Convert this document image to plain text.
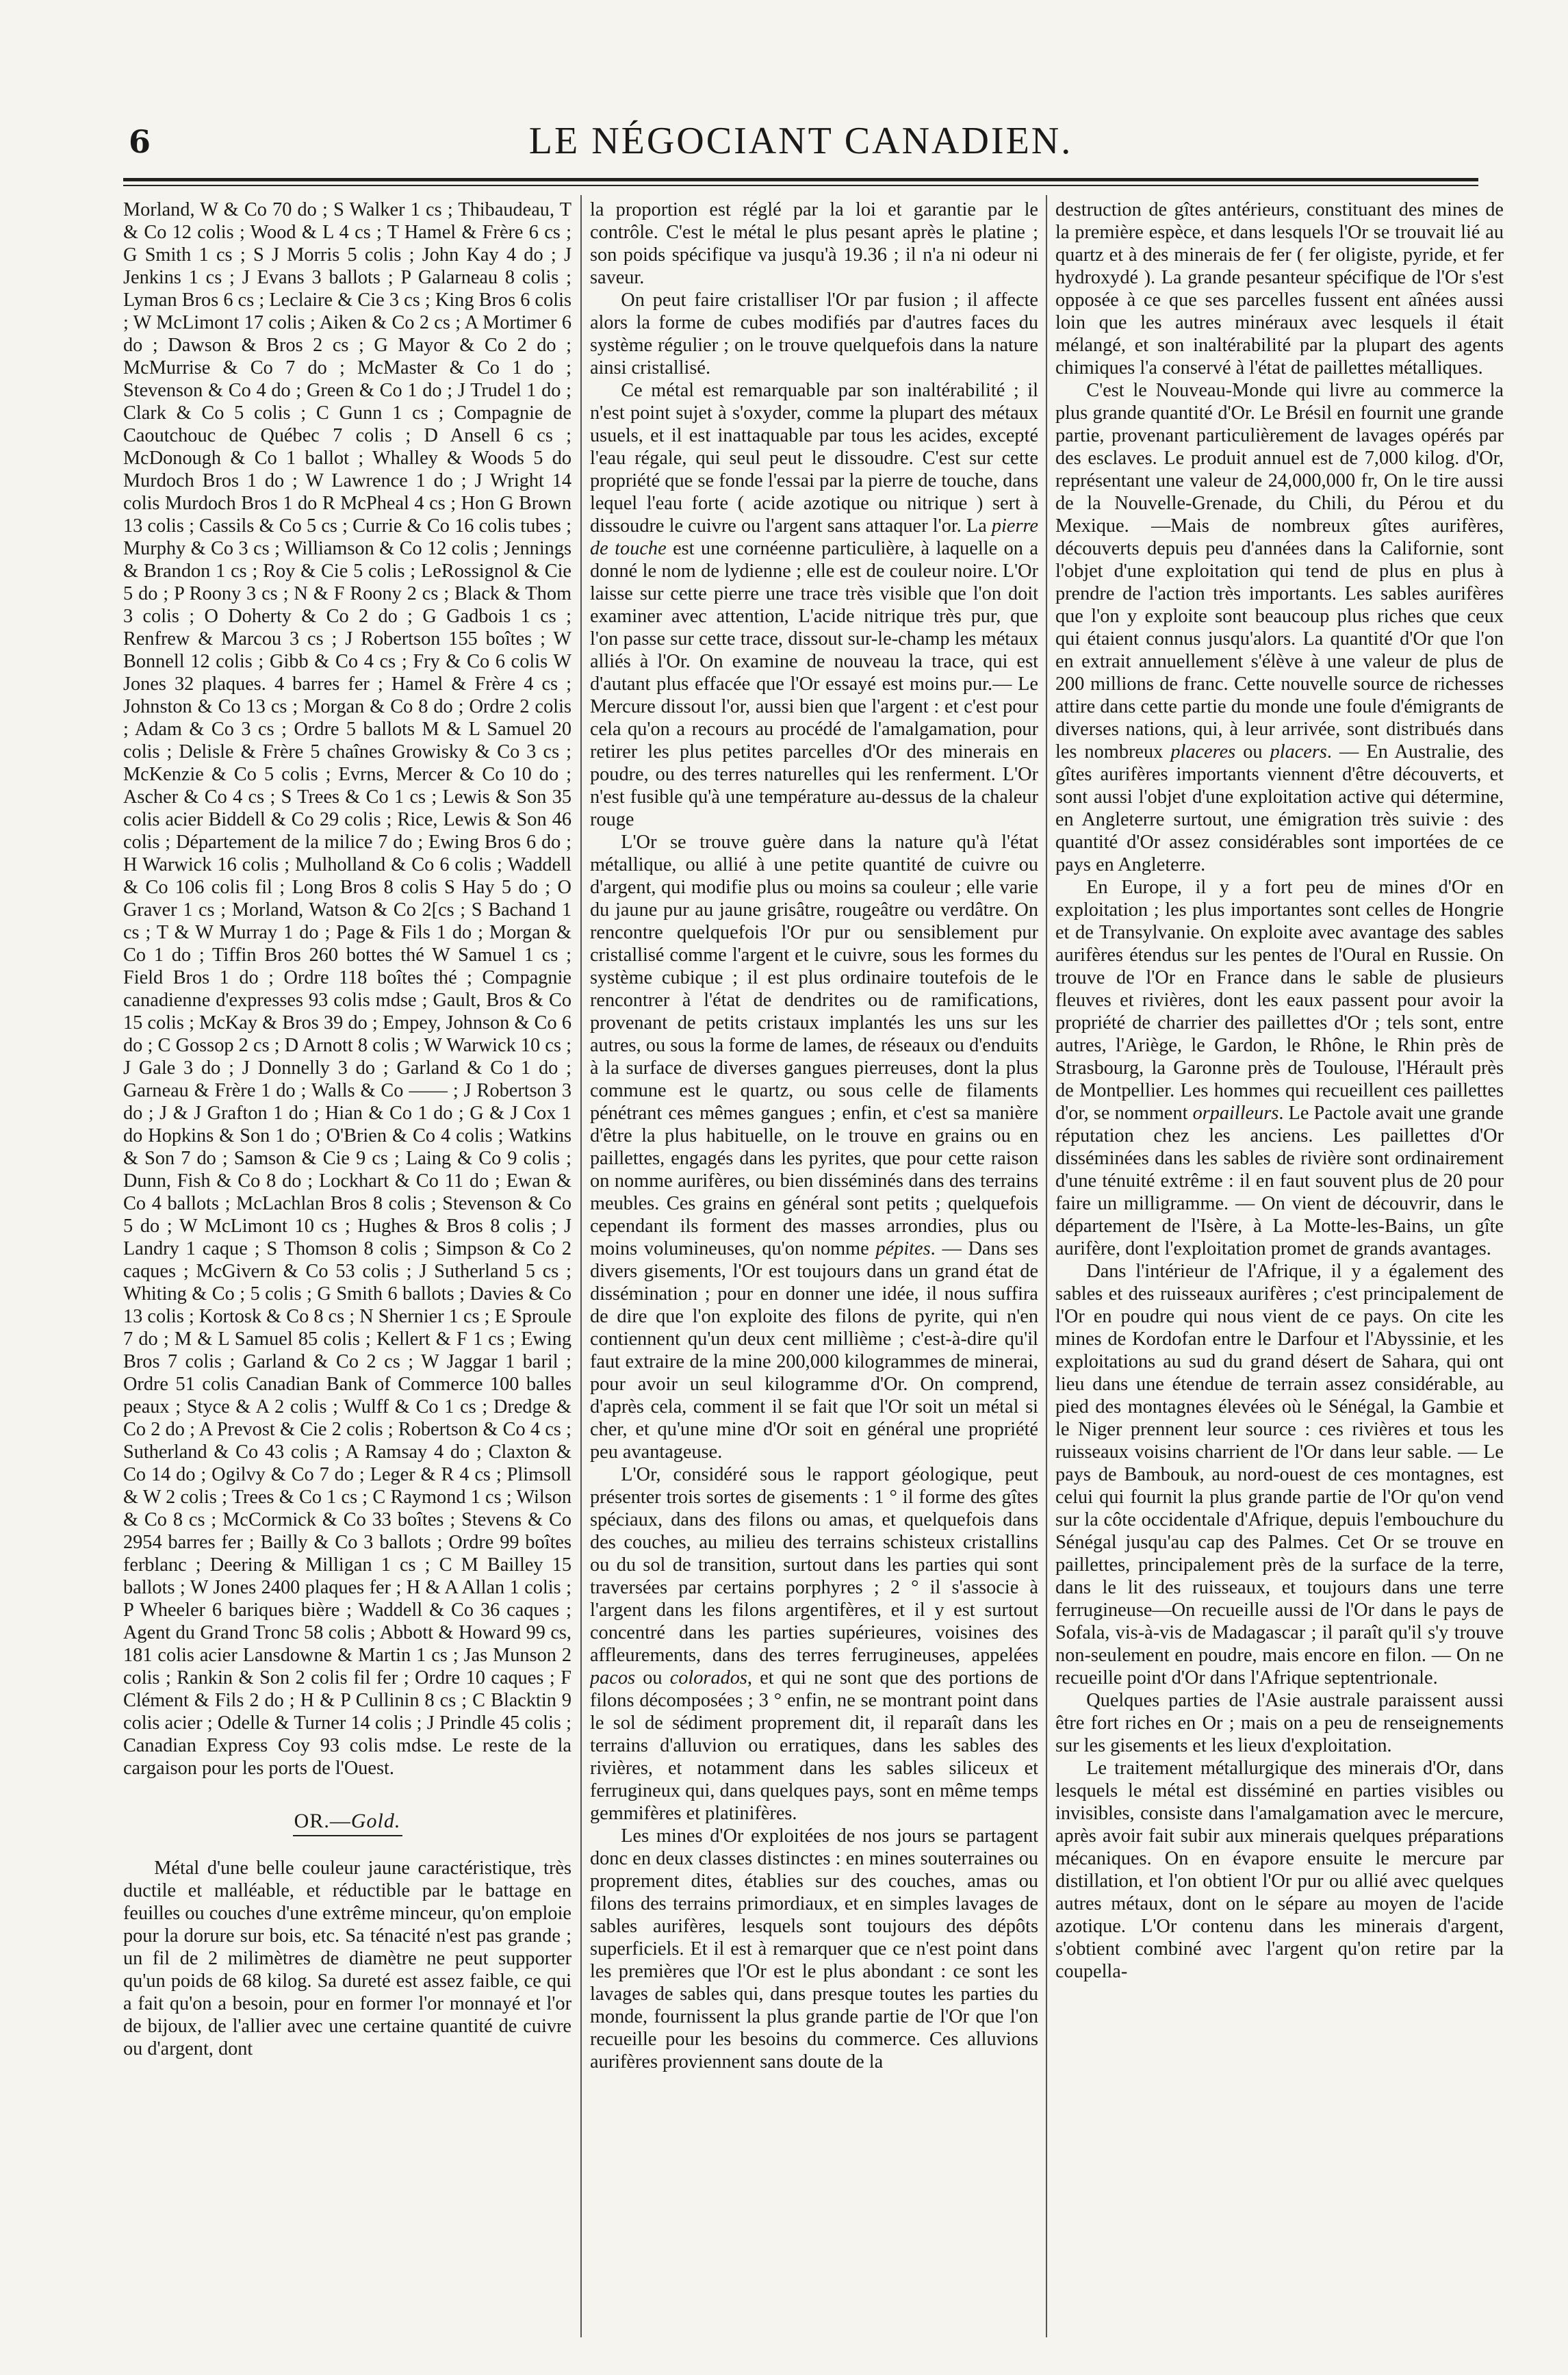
6	LE NÉGOCIANT CANADIEN.

Morland, W & Co 70 do ; S Walker 1 cs ; Thibaudeau, T & Co 12 colis ; Wood & L 4 cs ; T Hamel & Frère 6 cs ; G Smith 1 cs ; S J Morris 5 colis ; John Kay 4 do ; J Jenkins 1 cs ; J Evans 3 ballots ; P Galarneau 8 colis ; Lyman Bros 6 cs ; Leclaire & Cie 3 cs ; King Bros 6 colis ; W McLimont 17 colis ; Aiken & Co 2 cs ; A Mortimer 6 do ; Dawson & Bros 2 cs ; G Mayor & Co 2 do ; McMurrise & Co 7 do ; McMaster & Co 1 do ; Stevenson & Co 4 do ; Green & Co 1 do ; J Trudel 1 do ; Clark & Co 5 colis ; C Gunn 1 cs ; Compagnie de Caoutchouc de Québec 7 colis ; D Ansell 6 cs ; McDonough & Co 1 ballot ; Whalley & Woods 5 do Murdoch Bros 1 do ; W Lawrence 1 do ; J Wright 14 colis Murdoch Bros 1 do R McPheal 4 cs ; Hon G Brown 13 colis ; Cassils & Co 5 cs ; Currie & Co 16 colis tubes ; Murphy & Co 3 cs ; Williamson & Co 12 colis ; Jennings & Brandon 1 cs ; Roy & Cie 5 colis ; LeRossignol & Cie 5 do ; P Roony 3 cs ; N & F Roony 2 cs ; Black & Thom 3 colis ; O Doherty & Co 2 do ; G Gadbois 1 cs ; Renfrew & Marcou 3 cs ; J Robertson 155 boîtes ; W Bonnell 12 colis ; Gibb & Co 4 cs ; Fry & Co 6 colis W Jones 32 plaques. 4 barres fer ; Hamel & Frère 4 cs ; Johnston & Co 13 cs ; Morgan & Co 8 do ; Ordre 2 colis ; Adam & Co 3 cs ; Ordre 5 ballots M & L Samuel 20 colis ; Delisle & Frère 5 chaînes Growisky & Co 3 cs ; McKenzie & Co 5 colis ; Evrns, Mercer & Co 10 do ; Ascher & Co 4 cs ; S Trees & Co 1 cs ; Lewis & Son 35 colis acier Biddell & Co 29 colis ; Rice, Lewis & Son 46 colis ; Département de la milice 7 do ; Ewing Bros 6 do ; H Warwick 16 colis ; Mulholland & Co 6 colis ; Waddell & Co 106 colis fil ; Long Bros 8 colis S Hay 5 do ; O Graver 1 cs ; Morland, Watson & Co 2[cs ; S Bachand 1 cs ; T & W Murray 1 do ; Page & Fils 1 do ; Morgan & Co 1 do ; Tiffin Bros 260 bottes thé W Samuel 1 cs ; Field Bros 1 do ; Ordre 118 boîtes thé ; Compagnie canadienne d'expresses 93 colis mdse ; Gault, Bros & Co 15 colis ; McKay & Bros 39 do ; Empey, Johnson & Co 6 do ; C Gossop 2 cs ; D Arnott 8 colis ; W Warwick 10 cs ; J Gale 3 do ; J Donnelly 3 do ; Garland & Co 1 do ; Garneau & Frère 1 do ; Walls & Co —— ; J Robertson 3 do ; J & J Grafton 1 do ; Hian & Co 1 do ; G & J Cox 1 do Hopkins & Son 1 do ; O'Brien & Co 4 colis ; Watkins & Son 7 do ; Samson & Cie 9 cs ; Laing & Co 9 colis ; Dunn, Fish & Co 8 do ; Lockhart & Co 11 do ; Ewan & Co 4 ballots ; McLachlan Bros 8 colis ; Stevenson & Co 5 do ; W McLimont 10 cs ; Hughes & Bros 8 colis ; J Landry 1 caque ; S Thomson 8 colis ; Simpson & Co 2 caques ; McGivern & Co 53 colis ; J Sutherland 5 cs ; Whiting & Co ; 5 colis ; G Smith 6 ballots ; Davies & Co 13 colis ; Kortosk & Co 8 cs ; N Shernier 1 cs ; E Sproule 7 do ; M & L Samuel 85 colis ; Kellert & F 1 cs ; Ewing Bros 7 colis ; Garland & Co 2 cs ; W Jaggar 1 baril ; Ordre 51 colis Canadian Bank of Commerce 100 balles peaux ; Styce & A 2 colis ; Wulff & Co 1 cs ; Dredge & Co 2 do ; A Prevost & Cie 2 colis ; Robertson & Co 4 cs ; Sutherland & Co 43 colis ; A Ramsay 4 do ; Claxton & Co 14 do ; Ogilvy & Co 7 do ; Leger & R 4 cs ; Plimsoll & W 2 colis ; Trees & Co 1 cs ; C Raymond 1 cs ; Wilson & Co 8 cs ; McCormick & Co 33 boîtes ; Stevens & Co 2954 barres fer ; Bailly & Co 3 ballots ; Ordre 99 boîtes ferblanc ; Deering & Milligan 1 cs ; C M Bailley 15 ballots ; W Jones 2400 plaques fer ; H & A Allan 1 colis ; P Wheeler 6 bariques bière ; Waddell & Co 36 caques ; Agent du Grand Tronc 58 colis ; Abbott & Howard 99 cs, 181 colis acier Lansdowne & Martin 1 cs ; Jas Munson 2 colis ; Rankin & Son 2 colis fil fer ; Ordre 10 caques ; F Clément & Fils 2 do ; H & P Cullinin 8 cs ; C Blacktin 9 colis acier ; Odelle & Turner 14 colis ; J Prindle 45 colis ; Canadian Express Coy 93 colis mdse. Le reste de la cargaison pour les ports de l'Ouest.

OR.—Gold.

Métal d'une belle couleur jaune caractéristique, très ductile et malléable, et réductible par le battage en feuilles ou couches d'une extrême minceur, qu'on emploie pour la dorure sur bois, etc. Sa ténacité n'est pas grande ; un fil de 2 milimètres de diamètre ne peut supporter qu'un poids de 68 kilog. Sa dureté est assez faible, ce qui a fait qu'on a besoin, pour en former l'or monnayé et l'or de bijoux, de l'allier avec une certaine quantité de cuivre ou d'argent, dont

la proportion est réglé par la loi et garantie par le contrôle. C'est le métal le plus pesant après le platine ; son poids spécifique va jusqu'à 19.36 ; il n'a ni odeur ni saveur.

On peut faire cristalliser l'Or par fusion ; il affecte alors la forme de cubes modifiés par d'autres faces du système régulier ; on le trouve quelquefois dans la nature ainsi cristallisé.

Ce métal est remarquable par son inaltérabilité ; il n'est point sujet à s'oxyder, comme la plupart des métaux usuels, et il est inattaquable par tous les acides, excepté l'eau régale, qui seul peut le dissoudre. C'est sur cette propriété que se fonde l'essai par la pierre de touche, dans lequel l'eau forte ( acide azotique ou nitrique ) sert à dissoudre le cuivre ou l'argent sans attaquer l'or. La pierre de touche est une cornéenne particulière, à laquelle on a donné le nom de lydienne ; elle est de couleur noire. L'Or laisse sur cette pierre une trace très visible que l'on doit examiner avec attention, L'acide nitrique très pur, que l'on passe sur cette trace, dissout sur-le-champ les métaux alliés à l'Or. On examine de nouveau la trace, qui est d'autant plus effacée que l'Or essayé est moins pur.— Le Mercure dissout l'or, aussi bien que l'argent : et c'est pour cela qu'on a recours au procédé de l'amalgamation, pour retirer les plus petites parcelles d'Or des minerais en poudre, ou des terres naturelles qui les renferment. L'Or n'est fusible qu'à une température au-dessus de la chaleur rouge

L'Or se trouve guère dans la nature qu'à l'état métallique, ou allié à une petite quantité de cuivre ou d'argent, qui modifie plus ou moins sa couleur ; elle varie du jaune pur au jaune grisâtre, rougeâtre ou verdâtre. On rencontre quelquefois l'Or pur ou sensiblement pur cristallisé comme l'argent et le cuivre, sous les formes du système cubique ; il est plus ordinaire toutefois de le rencontrer à l'état de dendrites ou de ramifications, provenant de petits cristaux implantés les uns sur les autres, ou sous la forme de lames, de réseaux ou d'enduits à la surface de diverses gangues pierreuses, dont la plus commune est le quartz, ou sous celle de filaments pénétrant ces mêmes gangues ; enfin, et c'est sa manière d'être la plus habituelle, on le trouve en grains ou en paillettes, engagés dans les pyrites, que pour cette raison on nomme aurifères, ou bien disséminés dans des terrains meubles. Ces grains en général sont petits ; quelquefois cependant ils forment des masses arrondies, plus ou moins volumineuses, qu'on nomme pépites. — Dans ses divers gisements, l'Or est toujours dans un grand état de dissémination ; pour en donner une idée, il nous suffira de dire que l'on exploite des filons de pyrite, qui n'en contiennent qu'un deux cent millième ; c'est-à-dire qu'il faut extraire de la mine 200,000 kilogrammes de minerai, pour avoir un seul kilogramme d'Or. On comprend, d'après cela, comment il se fait que l'Or soit un métal si cher, et qu'une mine d'Or soit en général une propriété peu avantageuse.

L'Or, considéré sous le rapport géologique, peut présenter trois sortes de gisements : 1 ° il forme des gîtes spéciaux, dans des filons ou amas, et quelquefois dans des couches, au milieu des terrains schisteux cristallins ou du sol de transition, surtout dans les parties qui sont traversées par certains porphyres ; 2 ° il s'associe à l'argent dans les filons argentifères, et il y est surtout concentré dans les parties supérieures, voisines des affleurements, dans des terres ferrugineuses, appelées pacos ou colorados, et qui ne sont que des portions de filons décomposées ; 3 ° enfin, ne se montrant point dans le sol de sédiment proprement dit, il reparaît dans les terrains d'alluvion ou erratiques, dans les sables des rivières, et notamment dans les sables siliceux et ferrugineux qui, dans quelques pays, sont en même temps gemmifères et platinifères.

Les mines d'Or exploitées de nos jours se partagent donc en deux classes distinctes : en mines souterraines ou proprement dites, établies sur des couches, amas ou filons des terrains primordiaux, et en simples lavages de sables aurifères, lesquels sont toujours des dépôts superficiels. Et il est à remarquer que ce n'est point dans les premières que l'Or est le plus abondant : ce sont les lavages de sables qui, dans presque toutes les parties du monde, fournissent la plus grande partie de l'Or que l'on recueille pour les besoins du commerce. Ces alluvions aurifères proviennent sans doute de la

destruction de gîtes antérieurs, constituant des mines de la première espèce, et dans lesquels l'Or se trouvait lié au quartz et à des minerais de fer ( fer oligiste, pyride, et fer hydroxydé ). La grande pesanteur spécifique de l'Or s'est opposée à ce que ses parcelles fussent ent aînées aussi loin que les autres minéraux avec lesquels il était mélangé, et son inaltérabilité par la plupart des agents chimiques l'a conservé à l'état de paillettes métalliques.

C'est le Nouveau-Monde qui livre au commerce la plus grande quantité d'Or. Le Brésil en fournit une grande partie, provenant particulièrement de lavages opérés par des esclaves. Le produit annuel est de 7,000 kilog. d'Or, représentant une valeur de 24,000,000 fr, On le tire aussi de la Nouvelle-Grenade, du Chili, du Pérou et du Mexique. —Mais de nombreux gîtes aurifères, découverts depuis peu d'années dans la Californie, sont l'objet d'une exploitation qui tend de plus en plus à prendre de l'action très importants. Les sables aurifères que l'on y exploite sont beaucoup plus riches que ceux qui étaient connus jusqu'alors. La quantité d'Or que l'on en extrait annuellement s'élève à une valeur de plus de 200 millions de franc. Cette nouvelle source de richesses attire dans cette partie du monde une foule d'émigrants de diverses nations, qui, à leur arrivée, sont distribués dans les nombreux placeres ou placers. — En Australie, des gîtes aurifères importants viennent d'être découverts, et sont aussi l'objet d'une exploitation active qui détermine, en Angleterre surtout, une émigration très suivie : des quantité d'Or assez considérables sont importées de ce pays en Angleterre.

En Europe, il y a fort peu de mines d'Or en exploitation ; les plus importantes sont celles de Hongrie et de Transylvanie. On exploite avec avantage des sables aurifères étendus sur les pentes de l'Oural en Russie. On trouve de l'Or en France dans le sable de plusieurs fleuves et rivières, dont les eaux passent pour avoir la propriété de charrier des paillettes d'Or ; tels sont, entre autres, l'Ariège, le Gardon, le Rhône, le Rhin près de Strasbourg, la Garonne près de Toulouse, l'Hérault près de Montpellier. Les hommes qui recueillent ces paillettes d'or, se nomment orpailleurs. Le Pactole avait une grande réputation chez les anciens. Les paillettes d'Or disséminées dans les sables de rivière sont ordinairement d'une ténuité extrême : il en faut souvent plus de 20 pour faire un milligramme. — On vient de découvrir, dans le département de l'Isère, à La Motte-les-Bains, un gîte aurifère, dont l'exploitation promet de grands avantages.

Dans l'intérieur de l'Afrique, il y a également des sables et des ruisseaux aurifères ; c'est principalement de l'Or en poudre qui nous vient de ce pays. On cite les mines de Kordofan entre le Darfour et l'Abyssinie, et les exploitations au sud du grand désert de Sahara, qui ont lieu dans une étendue de terrain assez considérable, au pied des montagnes élevées où le Sénégal, la Gambie et le Niger prennent leur source : ces rivières et tous les ruisseaux voisins charrient de l'Or dans leur sable. — Le pays de Bambouk, au nord-ouest de ces montagnes, est celui qui fournit la plus grande partie de l'Or qu'on vend sur la côte occidentale d'Afrique, depuis l'embouchure du Sénégal jusqu'au cap des Palmes. Cet Or se trouve en paillettes, principalement près de la surface de la terre, dans le lit des ruisseaux, et toujours dans une terre ferrugineuse—On recueille aussi de l'Or dans le pays de Sofala, vis-à-vis de Madagascar ; il paraît qu'il s'y trouve non-seulement en poudre, mais encore en filon. — On ne recueille point d'Or dans l'Afrique septentrionale.

Quelques parties de l'Asie australe paraissent aussi être fort riches en Or ; mais on a peu de renseignements sur les gisements et les lieux d'exploitation.

Le traitement métallurgique des minerais d'Or, dans lesquels le métal est disséminé en parties visibles ou invisibles, consiste dans l'amalgamation avec le mercure, après avoir fait subir aux minerais quelques préparations mécaniques. On en évapore ensuite le mercure par distillation, et l'on obtient l'Or pur ou allié avec quelques autres métaux, dont on le sépare au moyen de l'acide azotique. L'Or contenu dans les minerais d'argent, s'obtient combiné avec l'argent qu'on retire par la coupella-
